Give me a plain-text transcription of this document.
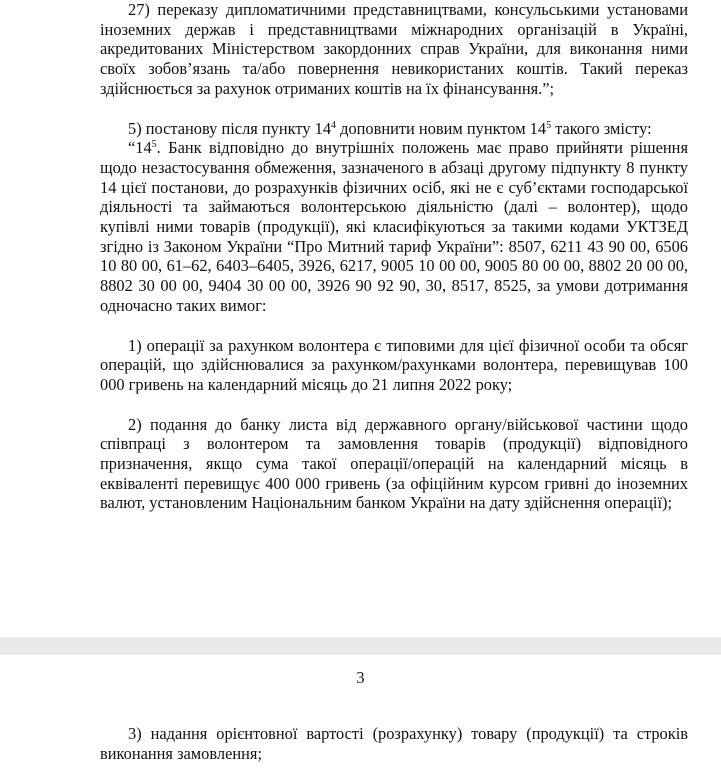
27) переказу дипломатичними представництвами, консульськими установами іноземних держав і представництвами міжнародних організацій в Україні, акредитованих Міністерством закордонних справ України, для виконання ними своїх зобов’язань та/або повернення невикористаних коштів. Такий переказ здійснюється за рахунок отриманих коштів на їх фінансування.”;

5) постанову після пункту $14^4$ доповнити новим пунктом $14^5$ такого змісту:

“$14^5$. Банк відповідно до внутрішніх положень має право прийняти рішення щодо незастосування обмеження, зазначеного в абзаці другому підпункту 8 пункту 14 цієї постанови, до розрахунків фізичних осіб, які не є суб’єктами господарської діяльності та займаються волонтерською діяльністю (далі – волонтер), щодо купівлі ними товарів (продукції), які класифікуються за такими кодами УКТЗЕД згідно із Законом України “Про Митний тариф України”: 8507, 6211 43 90 00, 6506 10 80 00, 61–62, 6403–6405, 3926, 6217, 9005 10 00 00, 9005 80 00 00, 8802 20 00 00, 8802 30 00 00, 9404 30 00 00, 3926 90 92 90, 30, 8517, 8525, за умови дотримання одночасно таких вимог:

1) операції за рахунком волонтера є типовими для цієї фізичної особи та обсяг операцій, що здійснювалися за рахунком/рахунками волонтера, перевищував 100 000 гривень на календарний місяць до 21 липня 2022 року;

2) подання до банку листа від державного органу/військової частини щодо співпраці з волонтером та замовлення товарів (продукції) відповідного призначення, якщо сума такої операції/операцій на календарний місяць в еквіваленті перевищує 400 000 гривень (за офіційним курсом гривні до іноземних валют, установленим Національним банком України на дату здійснення операції);

3) надання орієнтовної вартості (розрахунку) товару (продукції) та строків виконання замовлення;

3
